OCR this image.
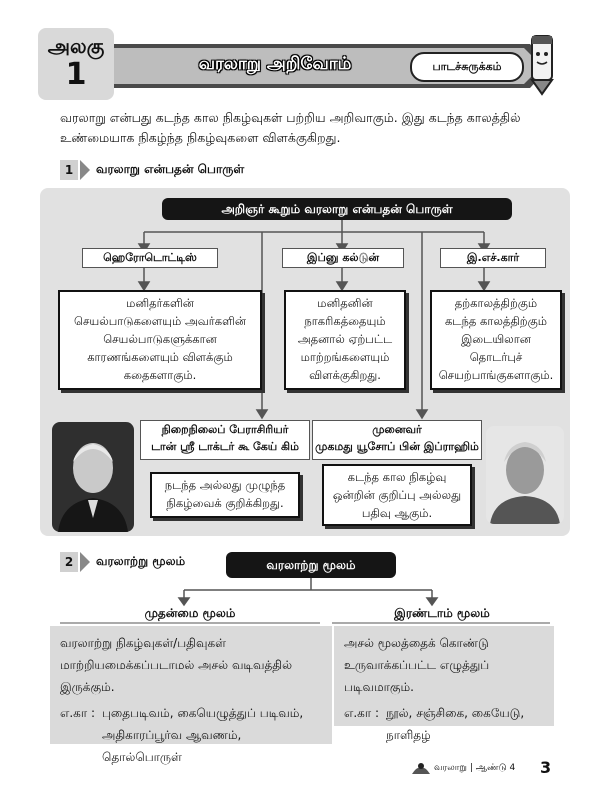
அலகு
1	வரலாறு அறிவோம்	பாடச்சுருக்கம்
வரலாறு என்பது கடந்த கால நிகழ்வுகள் பற்றிய அறிவாகும். இது கடந்த காலத்தில்
உண்மையாக நிகழ்ந்த நிகழ்வுகளை விளக்குகிறது.
1	வரலாறு என்பதன் பொருள்
அறிஞர் கூறும் வரலாறு என்பதன் பொருள்
ஹெரோடொட்டிஸ்	இப்னு கல்டுன்	இ.எச்.கார்
மனிதர்களின்
செயல்பாடுகளையும் அவர்களின்
செயல்பாடுகளுக்கான
காரணங்களையும் விளக்கும்
கதைகளாகும்.
மனிதனின்
நாகரிகத்தையும்
அதனால் ஏற்பட்ட
மாற்றங்களையும்
விளக்குகிறது.
தற்காலத்திற்கும்
கடந்த காலத்திற்கும்
இடையிலான
தொடர்புச்
செயற்பாங்குகளாகும்.
நிறைநிலைப் பேராசிரியர்
டான் ஸ்ரீ டாக்டர் கூ கேய் கிம்
முனைவர்
முகமது யூசோப் பின் இப்ராஹிம்
நடந்த அல்லது முழுந்த
நிகழ்வைக் குறிக்கிறது.
கடந்த கால நிகழ்வு
ஒன்றின் குறிப்பு அல்லது
பதிவு ஆகும்.
2	வரலாற்று மூலம்	வரலாற்று மூலம்
முதன்மை மூலம்	இரண்டாம் மூலம்
வரலாற்று நிகழ்வுகள்/பதிவுகள்
மாற்றியமைக்கப்படாமல் அசல் வடிவத்தில்
இருக்கும்.
எ.கா : புதைபடிவம், கையெழுத்துப் படிவம்,
அதிகாரப்பூர்வ ஆவணம், தொல்பொருள்
அசல் மூலத்தைக் கொண்டு
உருவாக்கப்பட்ட எழுத்துப் படிவமாகும்.
எ.கா : நூல், சஞ்சிகை, கையேடு,
நாளிதழ்
வரலாறு | ஆண்டு 4 3
